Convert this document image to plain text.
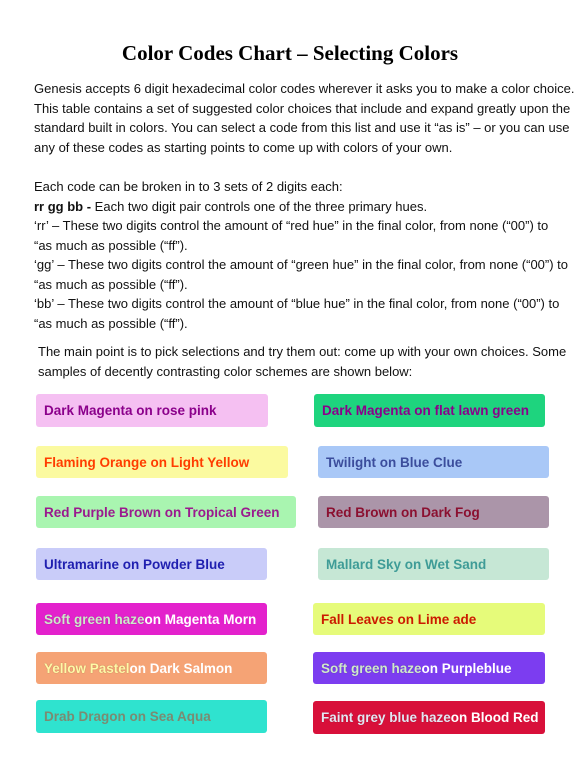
Color Codes Chart – Selecting Colors
Genesis accepts 6 digit hexadecimal color codes wherever it asks you to make a color choice.
This table contains a set of suggested color choices that include and expand greatly upon the
standard built in colors. You can select a code from this list and use it “as is” – or you can use
any of these codes as starting points to come up with colors of your own.
Each code can be broken in to 3 sets of 2 digits each:
rr gg bb - Each two digit pair controls one of the three primary hues.
‘rr’ – These two digits control the amount of “red hue” in the final color, from none (“00”) to
“as much as possible (“ff”).
‘gg’ – These two digits control the amount of “green hue” in the final color, from none (“00”) to
“as much as possible (“ff”).
‘bb’ – These two digits control the amount of “blue hue” in the final color, from none (“00”) to
“as much as possible (“ff”).
The main point is to pick selections and try them out: come up with your own choices. Some
samples of decently contrasting color schemes are shown below:
Dark Magenta on rose pink
Flaming Orange on Light Yellow
Red Purple Brown on Tropical Green
Ultramarine on Powder Blue
Soft green haze on Magenta Morn
Yellow Pastel on Dark Salmon
Drab Dragon on Sea Aqua
Dark Magenta on flat lawn green
Twilight on Blue Clue
Red Brown on Dark Fog
Mallard Sky on Wet Sand
Fall Leaves on Lime ade
Soft green haze on Purpleblue
Faint grey blue haze on Blood Red
